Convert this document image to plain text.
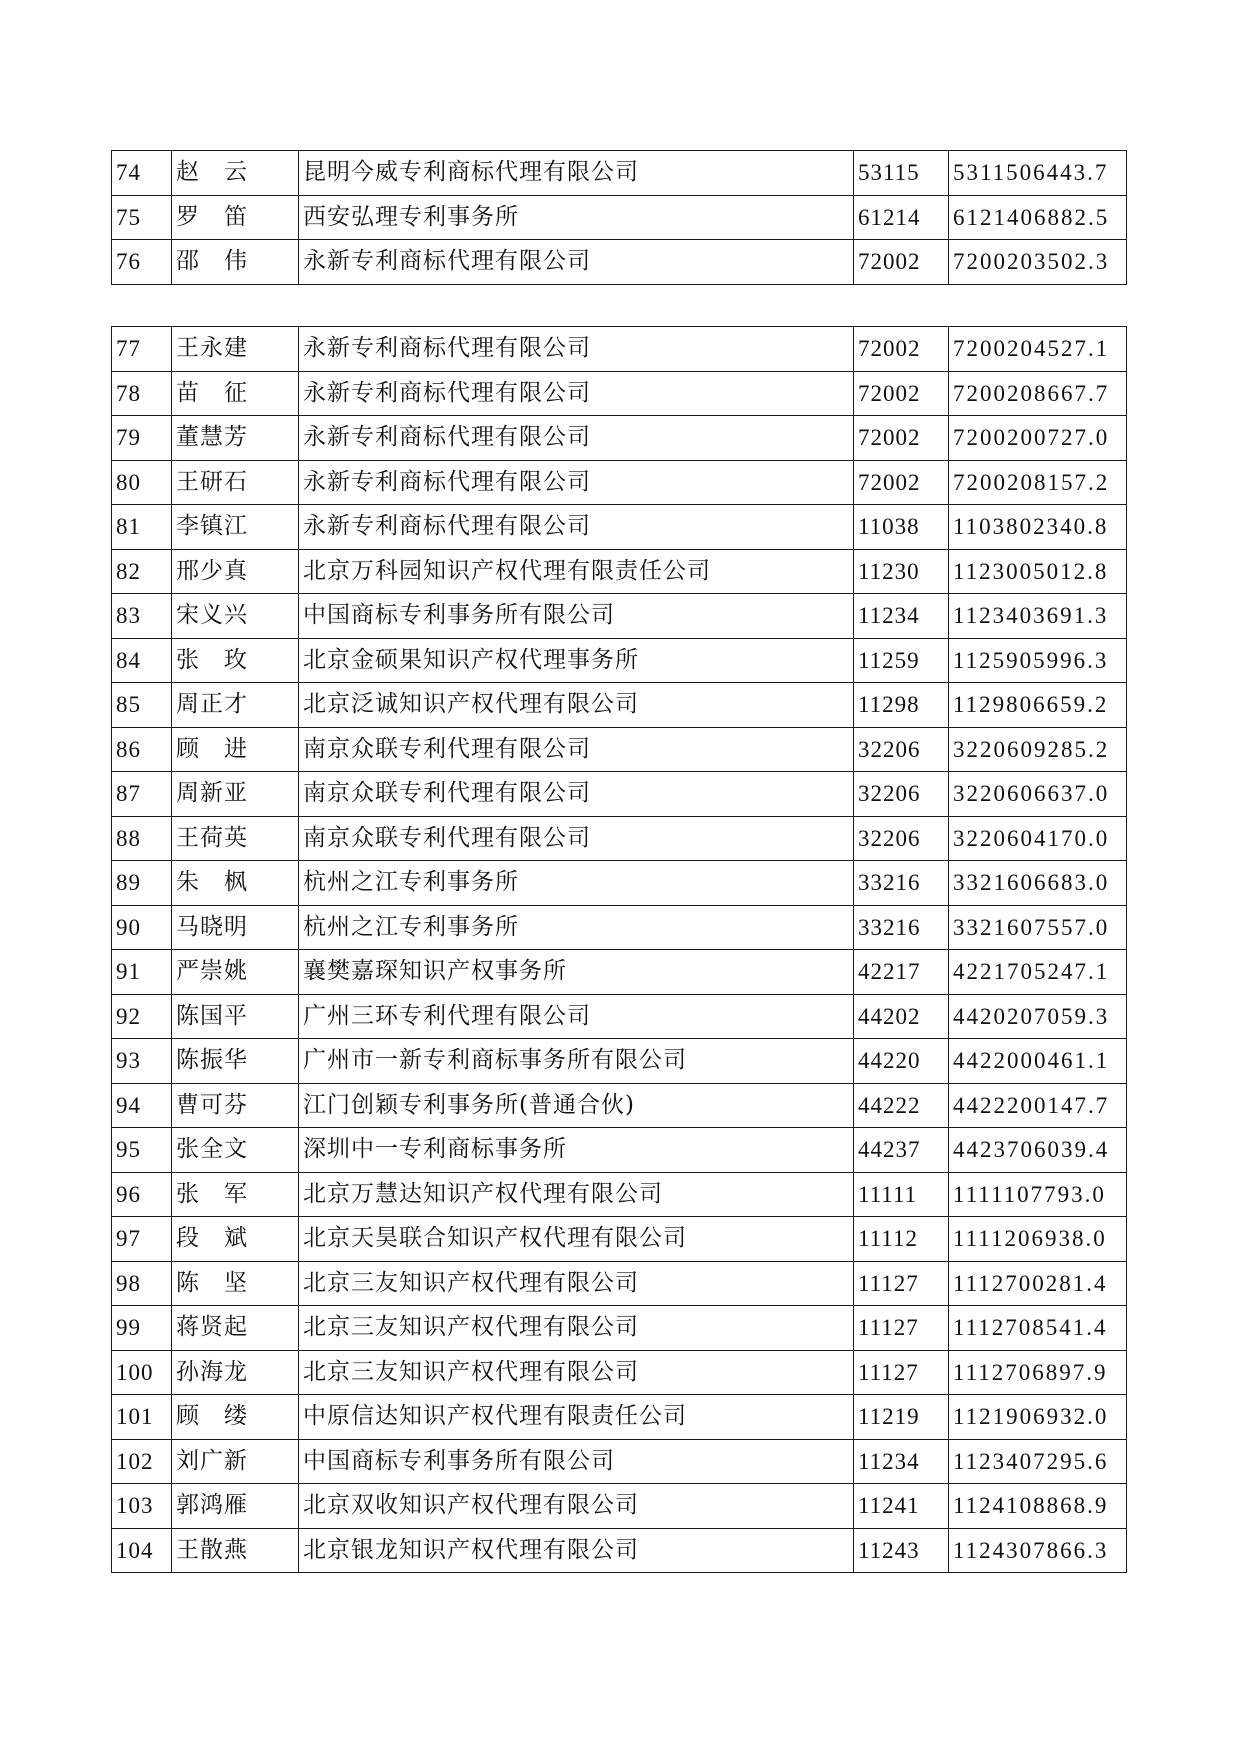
74	赵　云	昆明今威专利商标代理有限公司	53115	5311506443.7
75	罗　笛	西安弘理专利事务所	61214	6121406882.5
76	邵　伟	永新专利商标代理有限公司	72002	7200203502.3
77	王永建	永新专利商标代理有限公司	72002	7200204527.1
78	苗　征	永新专利商标代理有限公司	72002	7200208667.7
79	董慧芳	永新专利商标代理有限公司	72002	7200200727.0
80	王研石	永新专利商标代理有限公司	72002	7200208157.2
81	李镇江	永新专利商标代理有限公司	11038	1103802340.8
82	邢少真	北京万科园知识产权代理有限责任公司	11230	1123005012.8
83	宋义兴	中国商标专利事务所有限公司	11234	1123403691.3
84	张　玫	北京金硕果知识产权代理事务所	11259	1125905996.3
85	周正才	北京泛诚知识产权代理有限公司	11298	1129806659.2
86	顾　进	南京众联专利代理有限公司	32206	3220609285.2
87	周新亚	南京众联专利代理有限公司	32206	3220606637.0
88	王荷英	南京众联专利代理有限公司	32206	3220604170.0
89	朱　枫	杭州之江专利事务所	33216	3321606683.0
90	马晓明	杭州之江专利事务所	33216	3321607557.0
91	严崇姚	襄樊嘉琛知识产权事务所	42217	4221705247.1
92	陈国平	广州三环专利代理有限公司	44202	4420207059.3
93	陈振华	广州市一新专利商标事务所有限公司	44220	4422000461.1
94	曹可芬	江门创颖专利事务所(普通合伙)	44222	4422200147.7
95	张全文	深圳中一专利商标事务所	44237	4423706039.4
96	张　军	北京万慧达知识产权代理有限公司	11111	1111107793.0
97	段　斌	北京天昊联合知识产权代理有限公司	11112	1111206938.0
98	陈　坚	北京三友知识产权代理有限公司	11127	1112700281.4
99	蒋贤起	北京三友知识产权代理有限公司	11127	1112708541.4
100	孙海龙	北京三友知识产权代理有限公司	11127	1112706897.9
101	顾　缕	中原信达知识产权代理有限责任公司	11219	1121906932.0
102	刘广新	中国商标专利事务所有限公司	11234	1123407295.6
103	郭鸿雁	北京双收知识产权代理有限公司	11241	1124108868.9
104	王散燕	北京银龙知识产权代理有限公司	11243	1124307866.3
